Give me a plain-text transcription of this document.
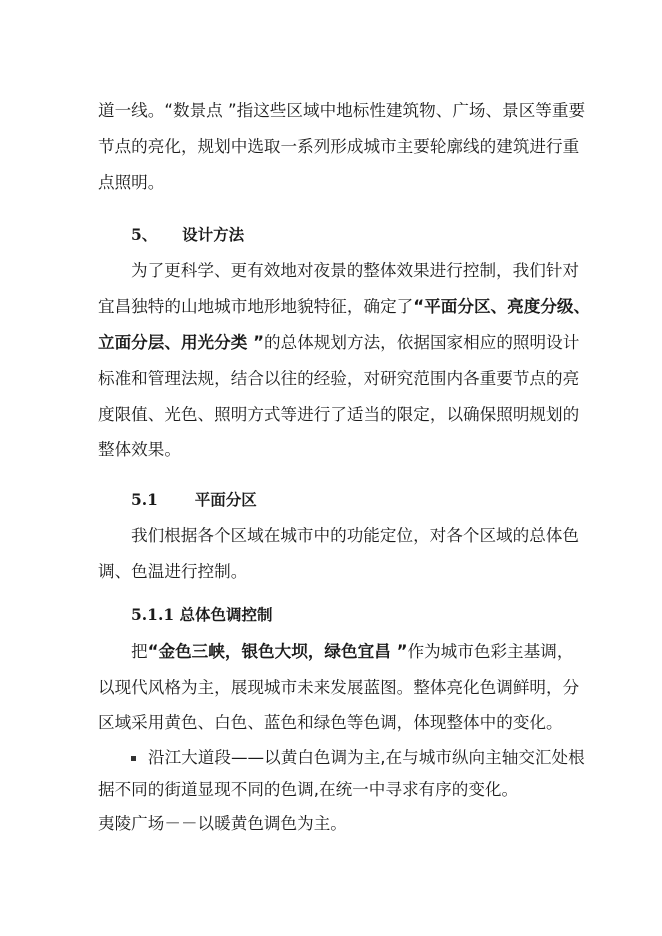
道一线。“数景点 ”指这些区域中地标性建筑物、广场、景区等重要
节点的亮化，规划中选取一系列形成城市主要轮廓线的建筑进行重
点照明。
5、 设计方法
为了更科学、更有效地对夜景的整体效果进行控制，我们针对
宜昌独特的山地城市地形地貌特征，确定了“平面分区、亮度分级、
立面分层、用光分类 ”的总体规划方法，依据国家相应的照明设计
标准和管理法规，结合以往的经验，对研究范围内各重要节点的亮
度限值、光色、照明方式等进行了适当的限定，以确保照明规划的
整体效果。
5.1 平面分区
我们根据各个区域在城市中的功能定位，对各个区域的总体色
调、色温进行控制。
5.1.1 总体色调控制
把“金色三峡，银色大坝，绿色宜昌 ”作为城市色彩主基调，
以现代风格为主，展现城市未来发展蓝图。整体亮化色调鲜明，分
区域采用黄色、白色、蓝色和绿色等色调，体现整体中的变化。
沿江大道段——以黄白色调为主,在与城市纵向主轴交汇处根
据不同的街道显现不同的色调,在统一中寻求有序的变化。
夷陵广场－－以暖黄色调色为主。
